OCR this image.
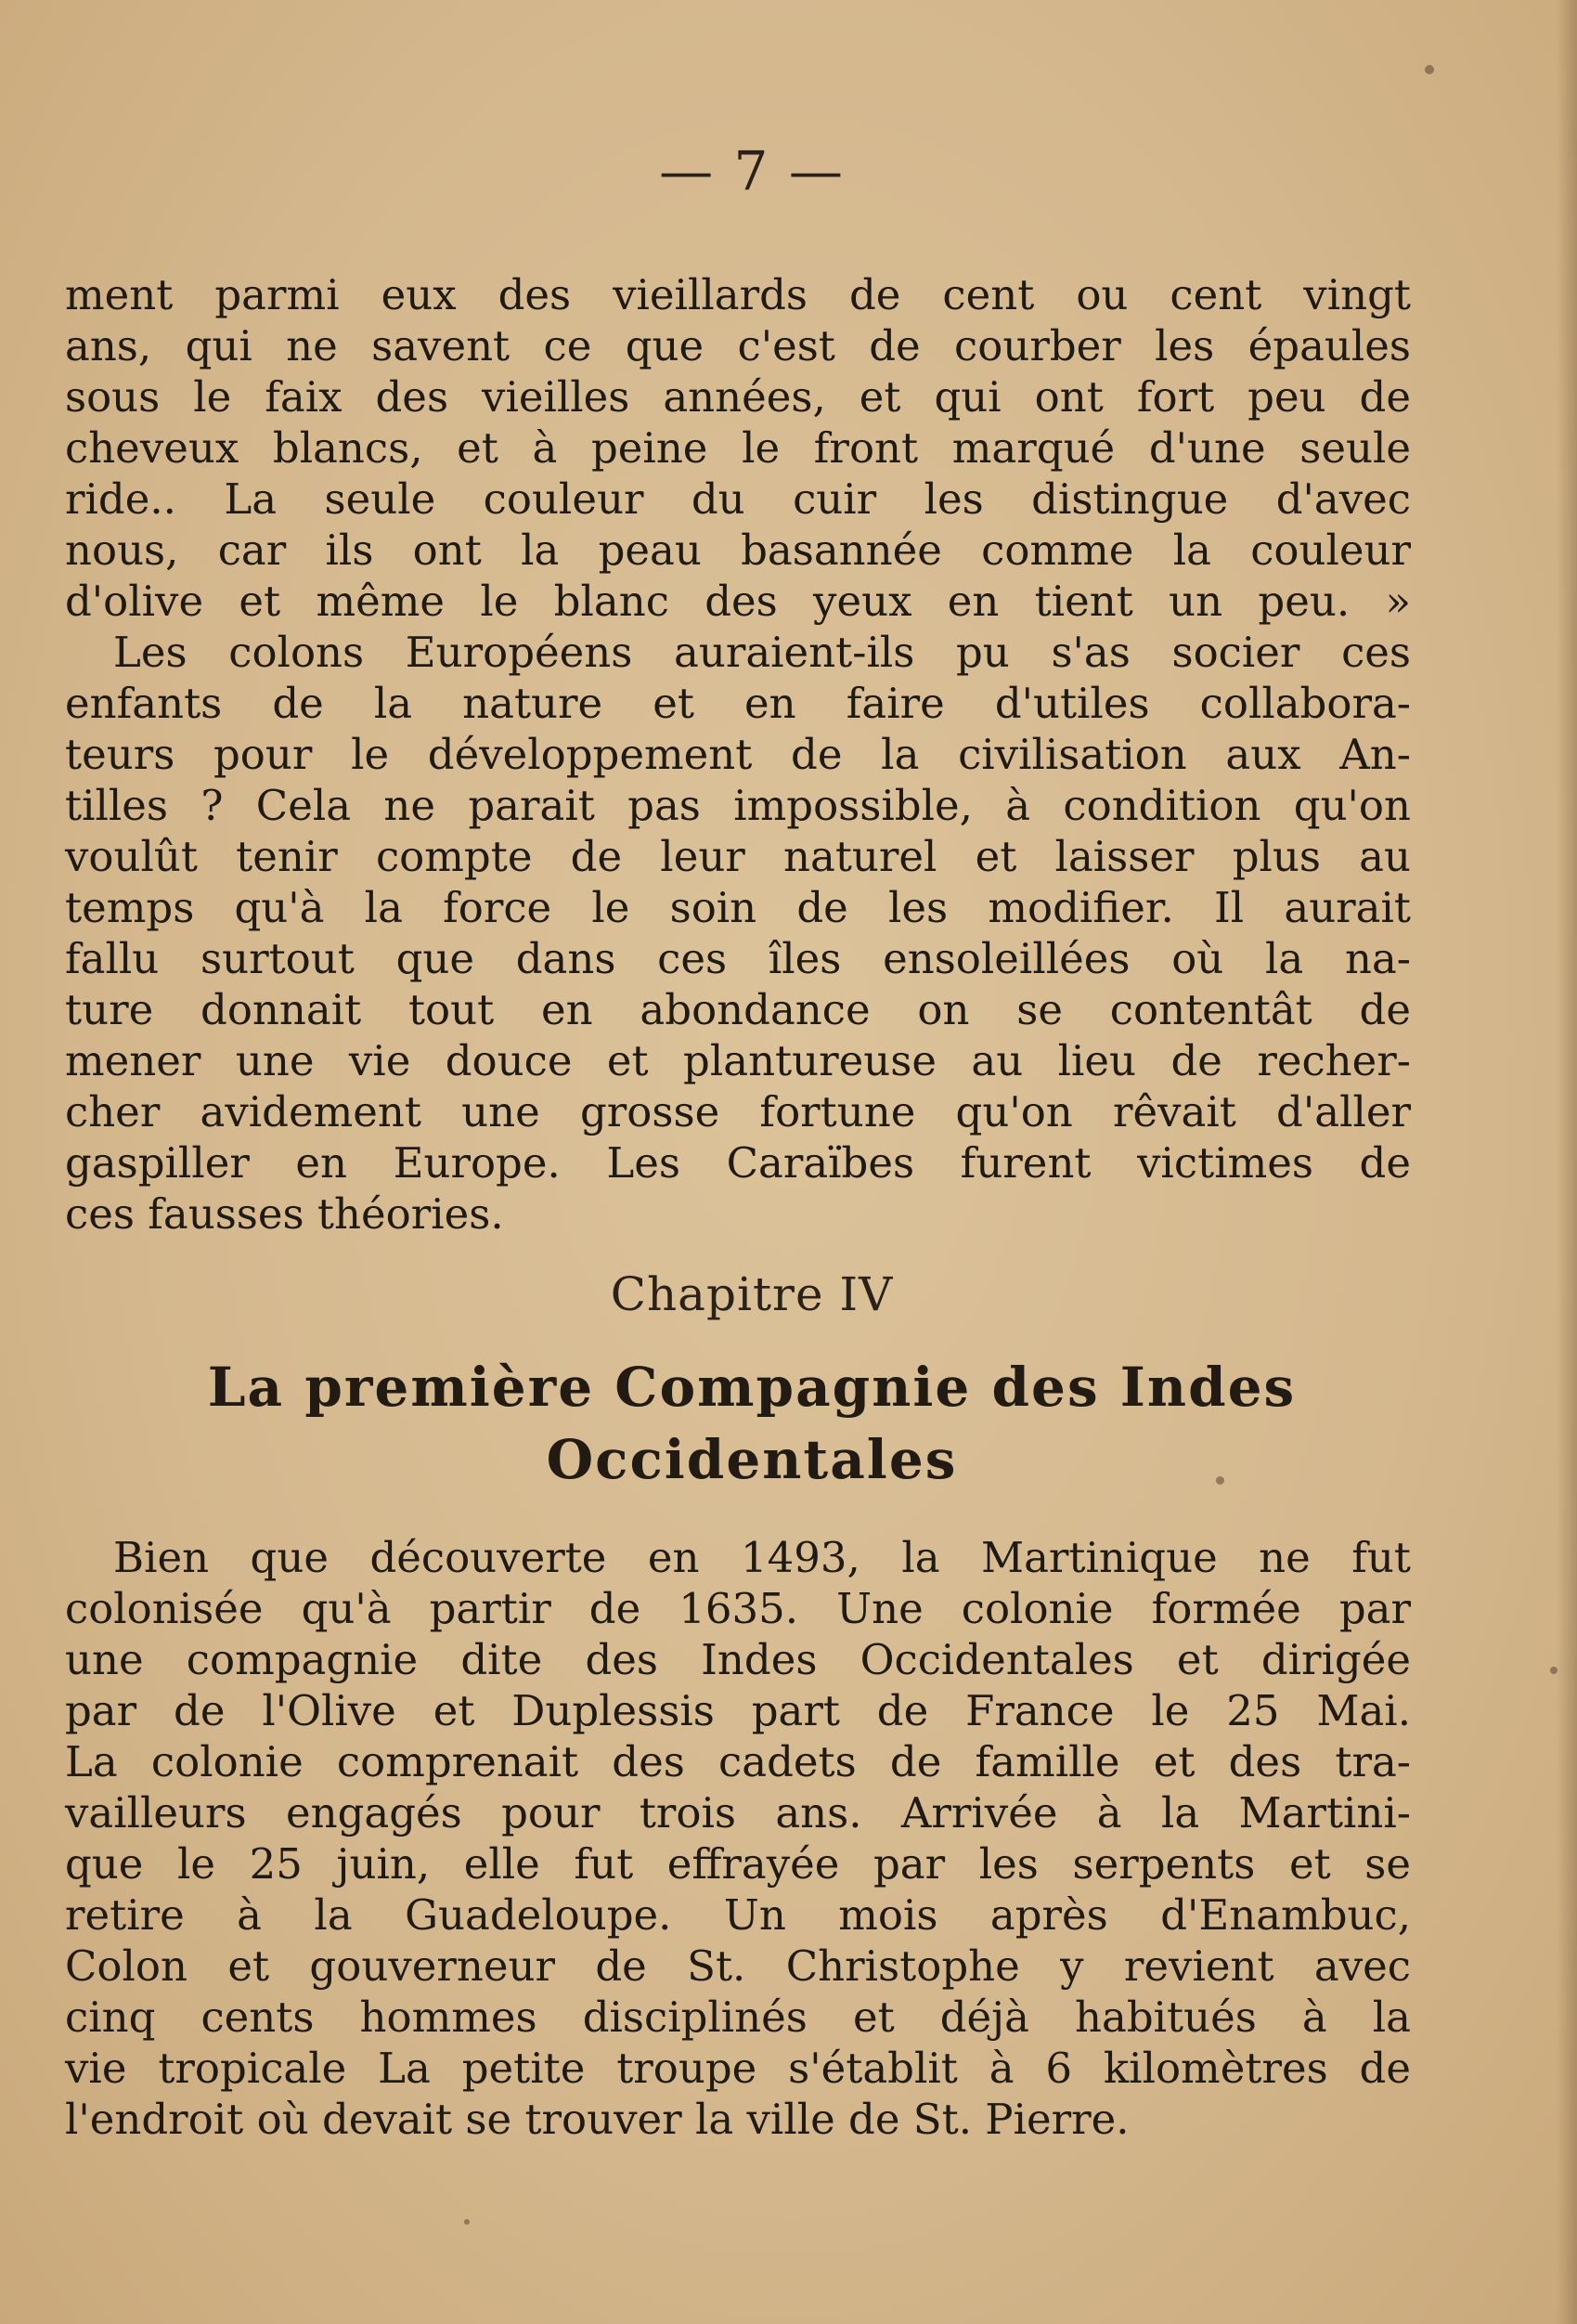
— 7 —
ment parmi eux des vieillards de cent ou cent vingt
ans, qui ne savent ce que c'est de courber les épaules
sous le faix des vieilles années, et qui ont fort peu de
cheveux blancs, et à peine le front marqué d'une seule
ride.. La seule couleur du cuir les distingue d'avec
nous, car ils ont la peau basannée comme la couleur
d'olive et même le blanc des yeux en tient un peu. »
Les colons Européens auraient-ils pu s'as socier ces
enfants de la nature et en faire d'utiles collabora-
teurs pour le développement de la civilisation aux An-
tilles ? Cela ne parait pas impossible, à condition qu'on
voulût tenir compte de leur naturel et laisser plus au
temps qu'à la force le soin de les modifier. Il aurait
fallu surtout que dans ces îles ensoleillées où la na-
ture donnait tout en abondance on se contentât de
mener une vie douce et plantureuse au lieu de recher-
cher avidement une grosse fortune qu'on rêvait d'aller
gaspiller en Europe. Les Caraïbes furent victimes de
ces fausses théories.
Chapitre IV
La première Compagnie des Indes
Occidentales
Bien que découverte en 1493, la Martinique ne fut
colonisée qu'à partir de 1635. Une colonie formée par
une compagnie dite des Indes Occidentales et dirigée
par de l'Olive et Duplessis part de France le 25 Mai.
La colonie comprenait des cadets de famille et des tra-
vailleurs engagés pour trois ans. Arrivée à la Martini-
que le 25 juin, elle fut effrayée par les serpents et se
retire à la Guadeloupe. Un mois après d'Enambuc,
Colon et gouverneur de St. Christophe y revient avec
cinq cents hommes disciplinés et déjà habitués à la
vie tropicale La petite troupe s'établit à 6 kilomètres de
l'endroit où devait se trouver la ville de St. Pierre.
